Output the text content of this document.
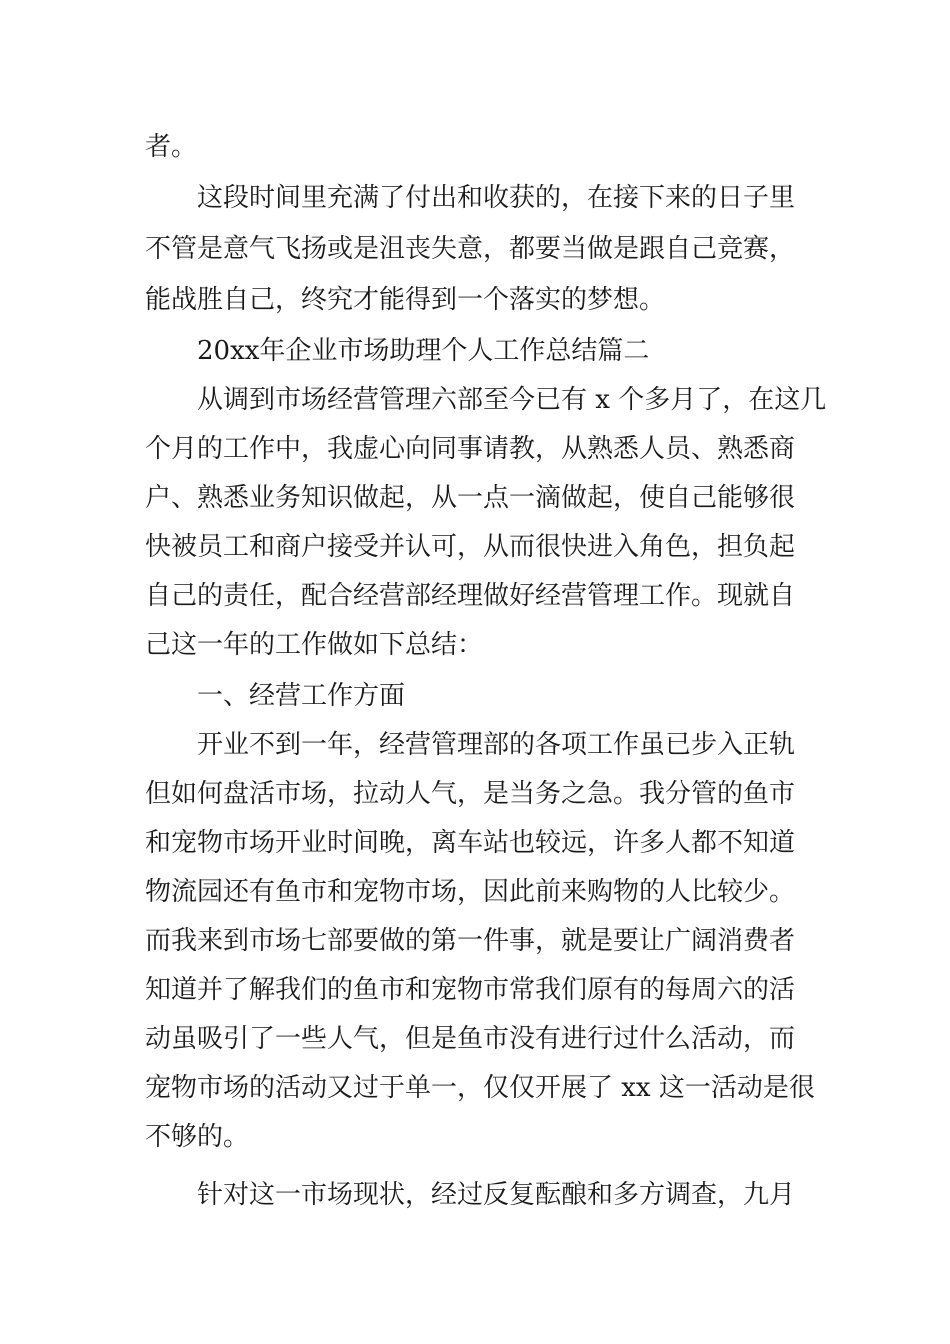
者。
这段时间里充满了付出和收获的，在接下来的日子里
不管是意气飞扬或是沮丧失意，都要当做是跟自己竞赛，
能战胜自己，终究才能得到一个落实的梦想。
20xx年企业市场助理个人工作总结篇二
从调到市场经营管理六部至今已有 x 个多月了，在这几
个月的工作中，我虚心向同事请教，从熟悉人员、熟悉商
户、熟悉业务知识做起，从一点一滴做起，使自己能够很
快被员工和商户接受并认可，从而很快进入角色，担负起
自己的责任，配合经营部经理做好经营管理工作。现就自
己这一年的工作做如下总结：
一、经营工作方面
开业不到一年，经营管理部的各项工作虽已步入正轨
但如何盘活市场，拉动人气，是当务之急。我分管的鱼市
和宠物市场开业时间晚，离车站也较远，许多人都不知道
物流园还有鱼市和宠物市场，因此前来购物的人比较少。
而我来到市场七部要做的第一件事，就是要让广阔消费者
知道并了解我们的鱼市和宠物市常我们原有的每周六的活
动虽吸引了一些人气，但是鱼市没有进行过什么活动，而
宠物市场的活动又过于单一，仅仅开展了 xx 这一活动是很
不够的。
针对这一市场现状，经过反复酝酿和多方调查，九月
